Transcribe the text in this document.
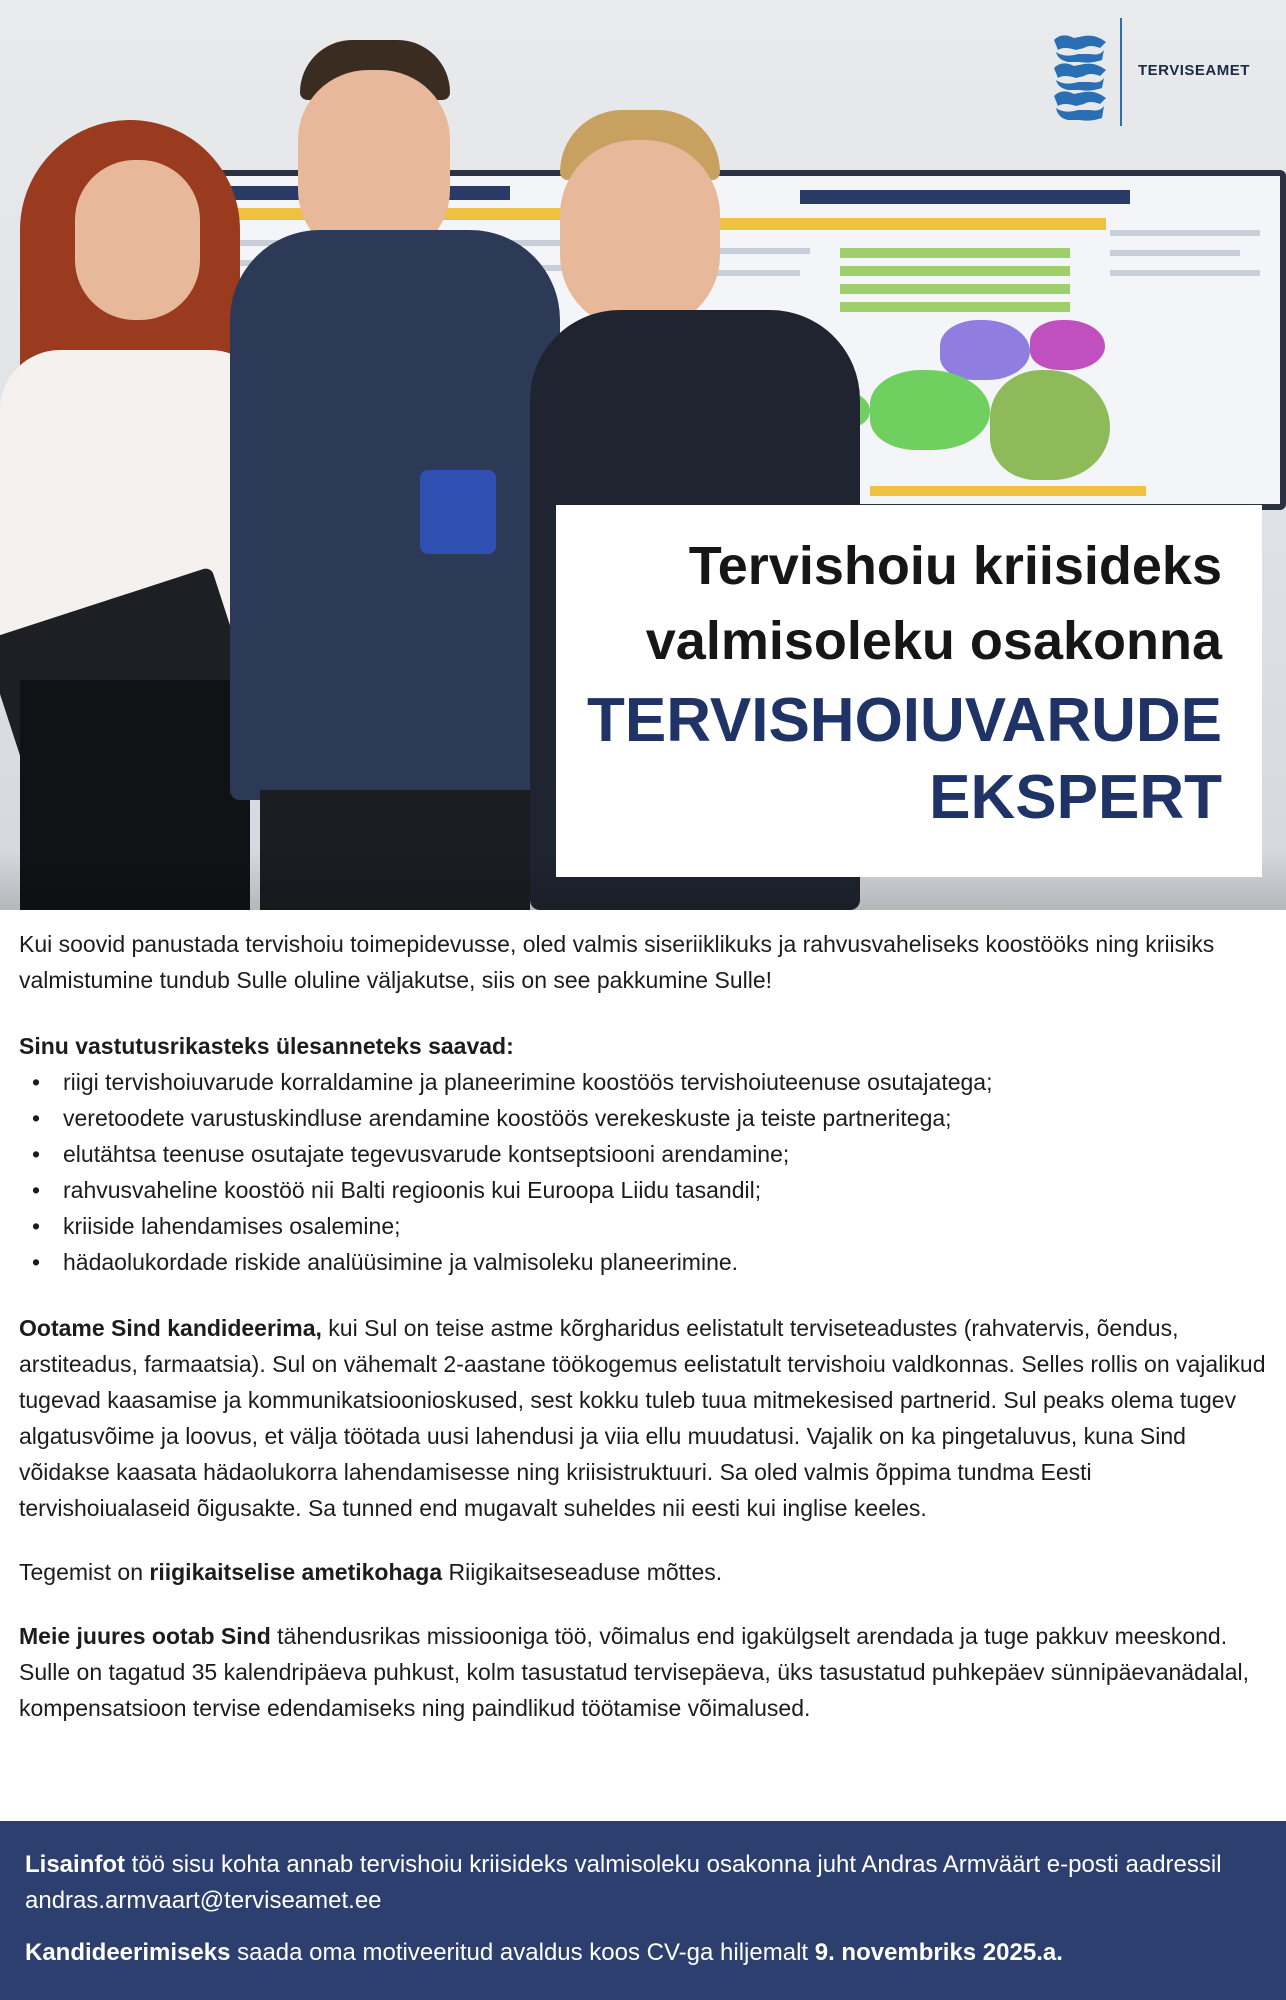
TERVISEAMET
Tervishoiu kriisideks
valmisoleku osakonna
TERVISHOIUVARUDE
EKSPERT

Kui soovid panustada tervishoiu toimepidevusse, oled valmis siseriiklikuks ja rahvusvaheliseks koostööks ning kriisiks valmistumine tundub Sulle oluline väljakutse, siis on see pakkumine Sulle!

Sinu vastutusrikasteks ülesanneteks saavad:

• riigi tervishoiuvarude korraldamine ja planeerimine koostöös tervishoiuteenuse osutajatega;
• veretoodete varustuskindluse arendamine koostöös verekeskuste ja teiste partneritega;
• elutähtsa teenuse osutajate tegevusvarude kontseptsiooni arendamine;
• rahvusvaheline koostöö nii Balti regioonis kui Euroopa Liidu tasandil;
• kriiside lahendamises osalemine;
• hädaolukordade riskide analüüsimine ja valmisoleku planeerimine.

Ootame Sind kandideerima, kui Sul on teise astme kõrgharidus eelistatult terviseteadustes (rahvatervis, õendus, arstiteadus, farmaatsia). Sul on vähemalt 2-aastane töökogemus eelistatult tervishoiu valdkonnas. Selles rollis on vajalikud tugevad kaasamise ja kommunikatsioonioskused, sest kokku tuleb tuua mitmekesised partnerid. Sul peaks olema tugev algatusvõime ja loovus, et välja töötada uusi lahendusi ja viia ellu muudatusi. Vajalik on ka pingetaluvus, kuna Sind võidakse kaasata hädaolukorra lahendamisesse ning kriisistruktuuri. Sa oled valmis õppima tundma Eesti tervishoiualaseid õigusakte. Sa tunned end mugavalt suheldes nii eesti kui inglise keeles.

Tegemist on riigikaitselise ametikohaga Riigikaitseseaduse mõttes.

Meie juures ootab Sind tähendusrikas missiooniga töö, võimalus end igakülgselt arendada ja tuge pakkuv meeskond. Sulle on tagatud 35 kalendripäeva puhkust, kolm tasustatud tervisepäeva, üks tasustatud puhkepäev sünnipäevanädalal, kompensatsioon tervise edendamiseks ning paindlikud töötamise võimalused.

Lisainfot töö sisu kohta annab tervishoiu kriisideks valmisoleku osakonna juht Andras Armväärt e-posti aadressil andras.armvaart@terviseamet.ee
Kandideerimiseks saada oma motiveeritud avaldus koos CV-ga hiljemalt 9. novembriks 2025.a.
